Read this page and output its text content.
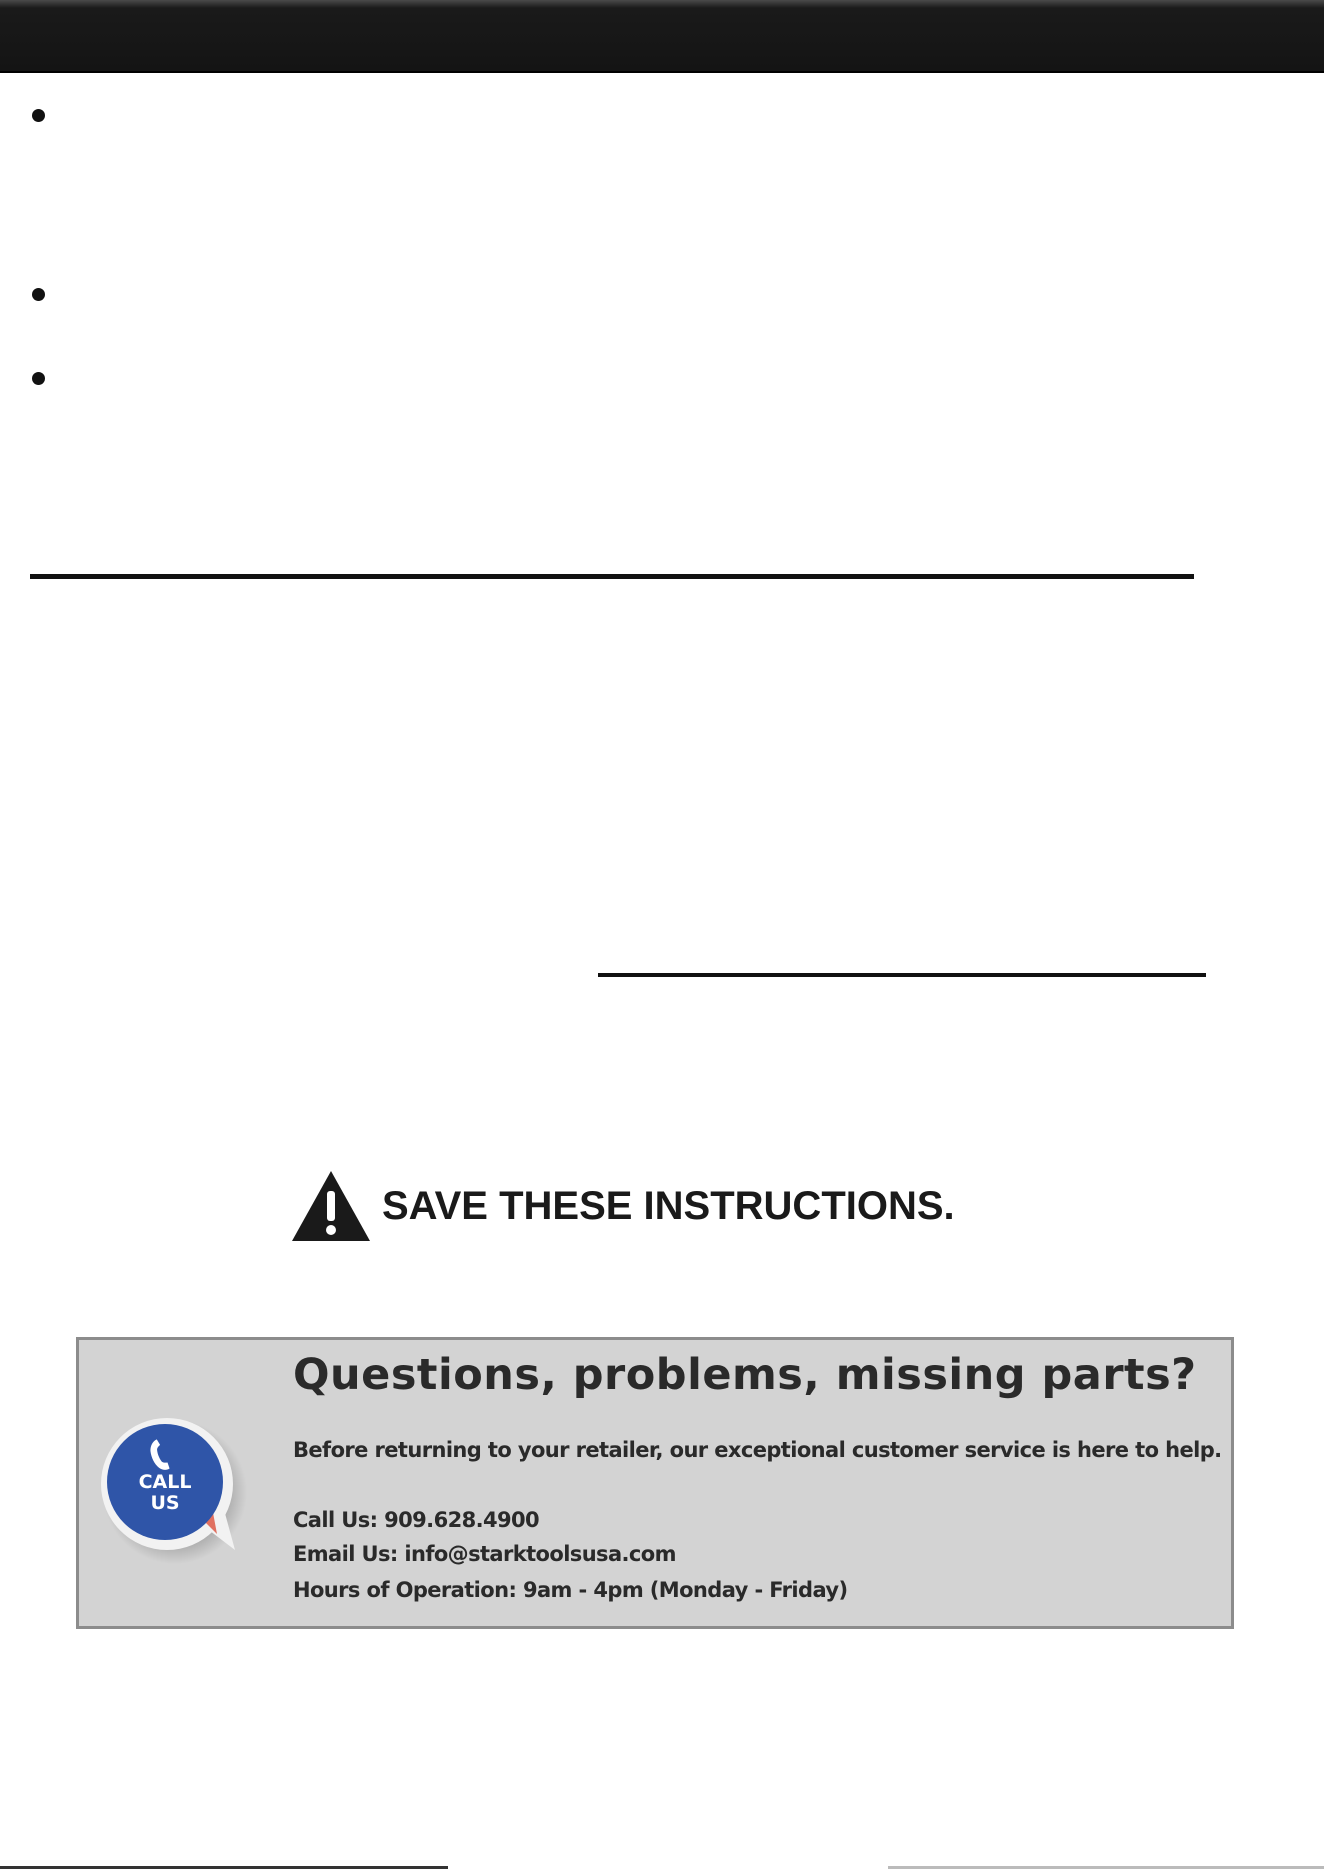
SAVE THESE INSTRUCTIONS.
CALL
US
Questions, problems, missing parts?
Before returning to your retailer, our exceptional customer service is here to help.
Call Us: 909.628.4900
Email Us: info@starktoolsusa.com
Hours of Operation: 9am - 4pm (Monday - Friday)
